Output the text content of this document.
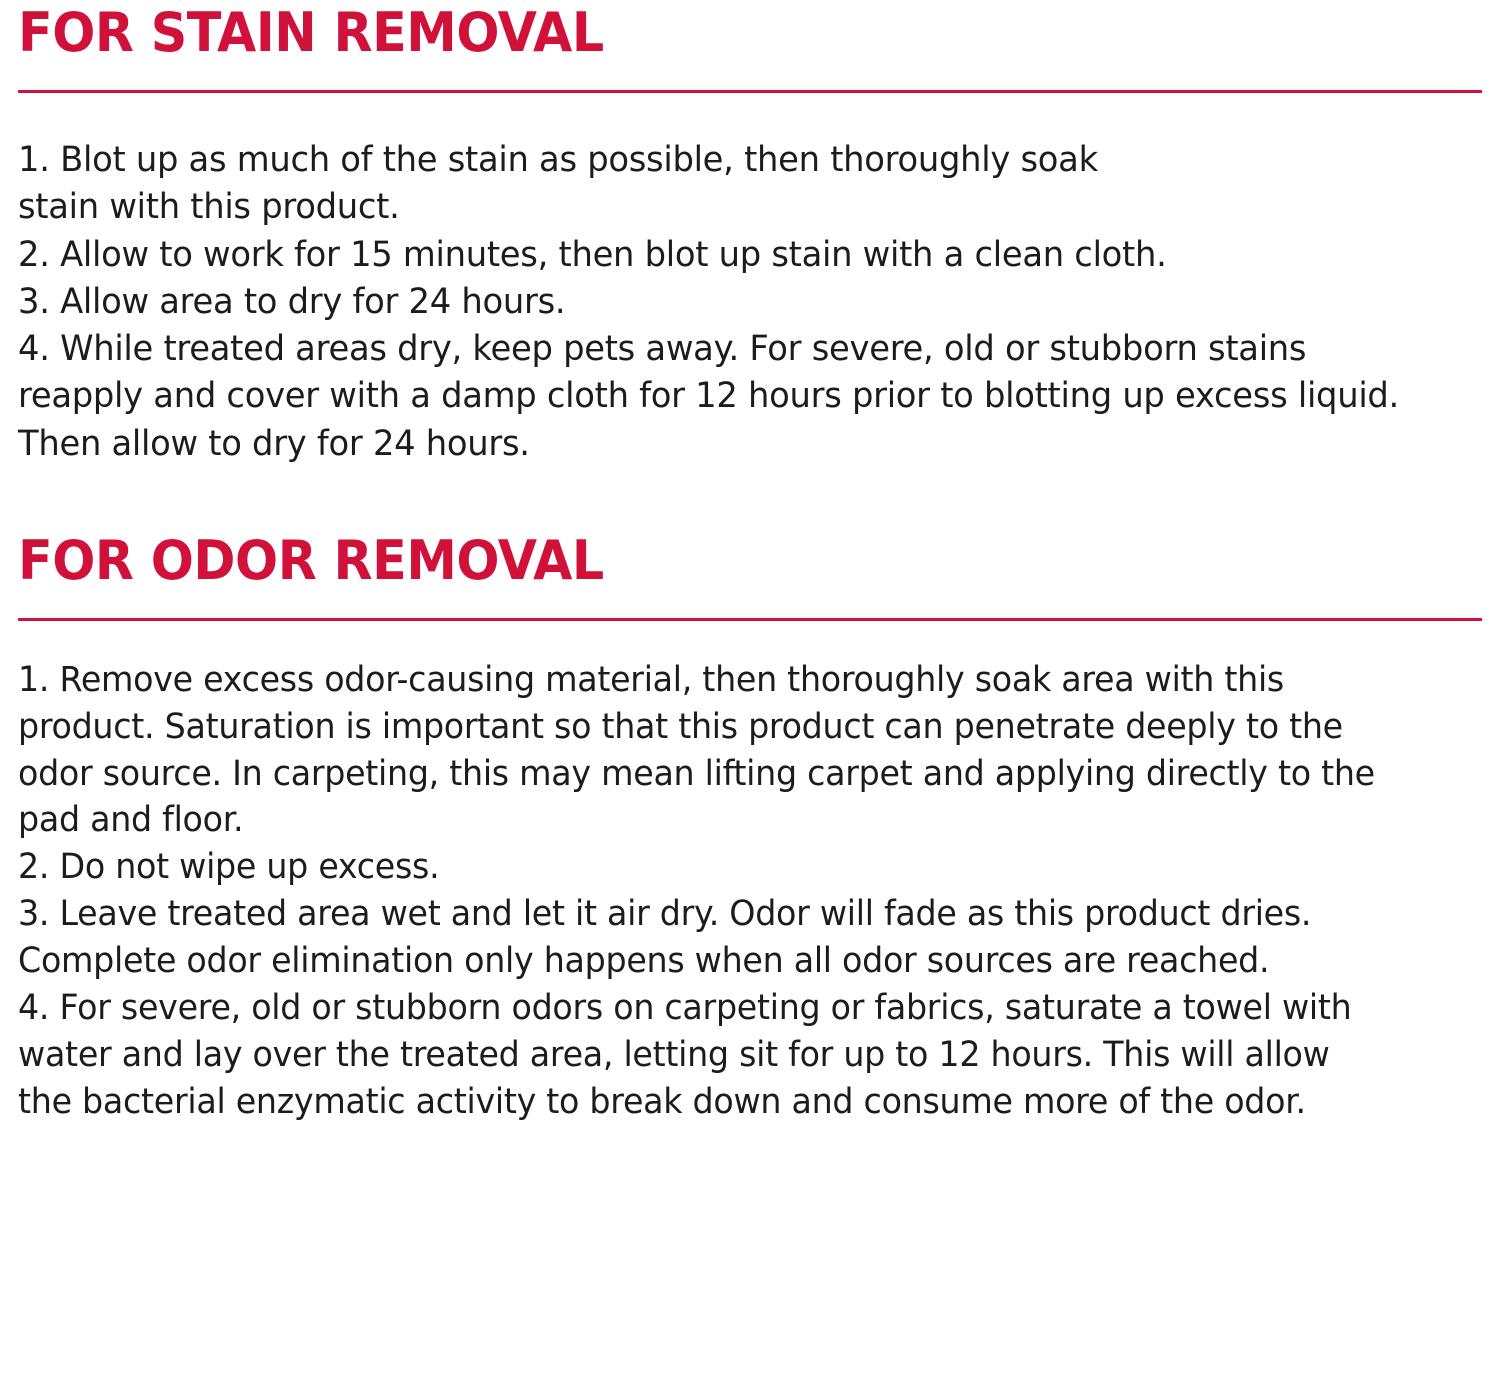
FOR STAIN REMOVAL
1. Blot up as much of the stain as possible, then thoroughly soak
stain with this product.
2. Allow to work for 15 minutes, then blot up stain with a clean cloth.
3. Allow area to dry for 24 hours.
4. While treated areas dry, keep pets away. For severe, old or stubborn stains
reapply and cover with a damp cloth for 12 hours prior to blotting up excess liquid.
Then allow to dry for 24 hours.
FOR ODOR REMOVAL
1. Remove excess odor-causing material, then thoroughly soak area with this
product. Saturation is important so that this product can penetrate deeply to the
odor source. In carpeting, this may mean lifting carpet and applying directly to the
pad and floor.
2. Do not wipe up excess.
3. Leave treated area wet and let it air dry. Odor will fade as this product dries.
Complete odor elimination only happens when all odor sources are reached.
4. For severe, old or stubborn odors on carpeting or fabrics, saturate a towel with
water and lay over the treated area, letting sit for up to 12 hours. This will allow
the bacterial enzymatic activity to break down and consume more of the odor.
